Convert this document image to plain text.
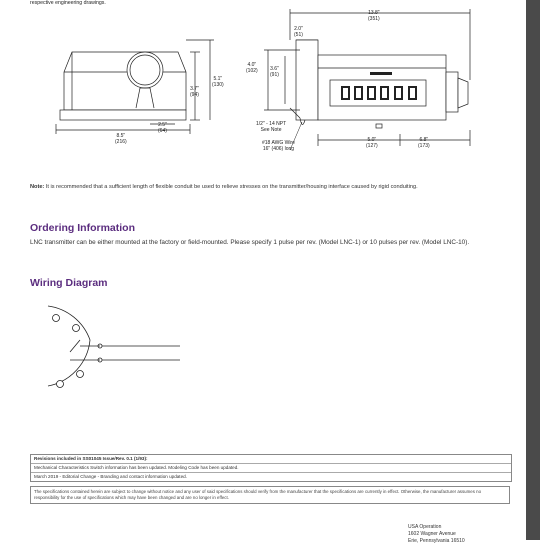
respective engineering drawings.
13.8"
(351)
2.0"
(51)
4.0"
(102) 3.6"
(91)
3.7"
(94)
5.1"
(130)
8.5"
(216)
2.5"
(64)
1/2" - 14 NPT
See Note
#18 AWG Wire
16" (406) long
5.0"
(127)
6.8"
(173)
Note: It is recommended that a sufficient length of flexible conduit be used to relieve stresses on the transmitter/housing interface caused by rigid conduiting.
Ordering Information
LNC transmitter can be either mounted at the factory or field-mounted. Please specify 1 pulse per rev. (Model LNC-1) or 10 pulses per rev. (Model LNC-10).
Wiring Diagram
Revisions included in SS01045 Issue/Rev. 0.1 (1/93):
Mechanical Characteristics Switch information has been updated. Modeling Code has been updated.
March 2019 - Editorial Change - Branding and contact information updated.
The specifications contained herein are subject to change without notice and any user of said specifications should verify from the manufacturer that the specifications are currently in effect. Otherwise, the manufacturer assumes no responsibility for the use of specifications which may have been changed and are no longer in effect.
USA Operation
1602 Wagner Avenue
Erie, Pennsylvania 16510
